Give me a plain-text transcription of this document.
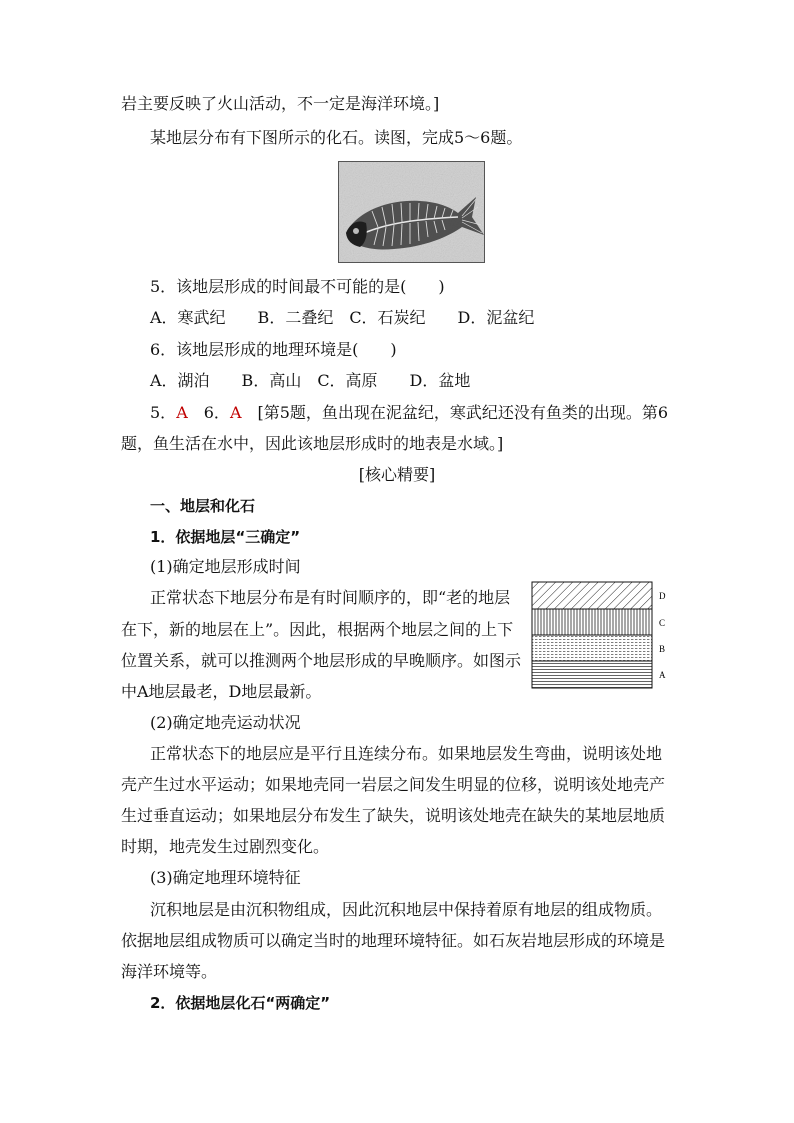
岩主要反映了火山活动，不一定是海洋环境。]
某地层分布有下图所示的化石。读图，完成5～6题。
5．该地层形成的时间最不可能的是(　　)
A．寒武纪　　B．二叠纪　C．石炭纪　　D．泥盆纪
6．该地层形成的地理环境是(　　)
A．湖泊　　B．高山　C．高原　　D．盆地
5．A　6．A　[第5题，鱼出现在泥盆纪，寒武纪还没有鱼类的出现。第6
题，鱼生活在水中，因此该地层形成时的地表是水域。]
[核心精要]
一、地层和化石
1．依据地层“三确定”
(1)确定地层形成时间
正常状态下地层分布是有时间顺序的，即“老的地层
在下，新的地层在上”。因此，根据两个地层之间的上下
位置关系，就可以推测两个地层形成的早晚顺序。如图示
中A地层最老，D地层最新。
D
C
B
A
(2)确定地壳运动状况
正常状态下的地层应是平行且连续分布。如果地层发生弯曲，说明该处地
壳产生过水平运动；如果地壳同一岩层之间发生明显的位移，说明该处地壳产
生过垂直运动；如果地层分布发生了缺失，说明该处地壳在缺失的某地层地质
时期，地壳发生过剧烈变化。
(3)确定地理环境特征
沉积地层是由沉积物组成，因此沉积地层中保持着原有地层的组成物质。
依据地层组成物质可以确定当时的地理环境特征。如石灰岩地层形成的环境是
海洋环境等。
2．依据地层化石“两确定”
